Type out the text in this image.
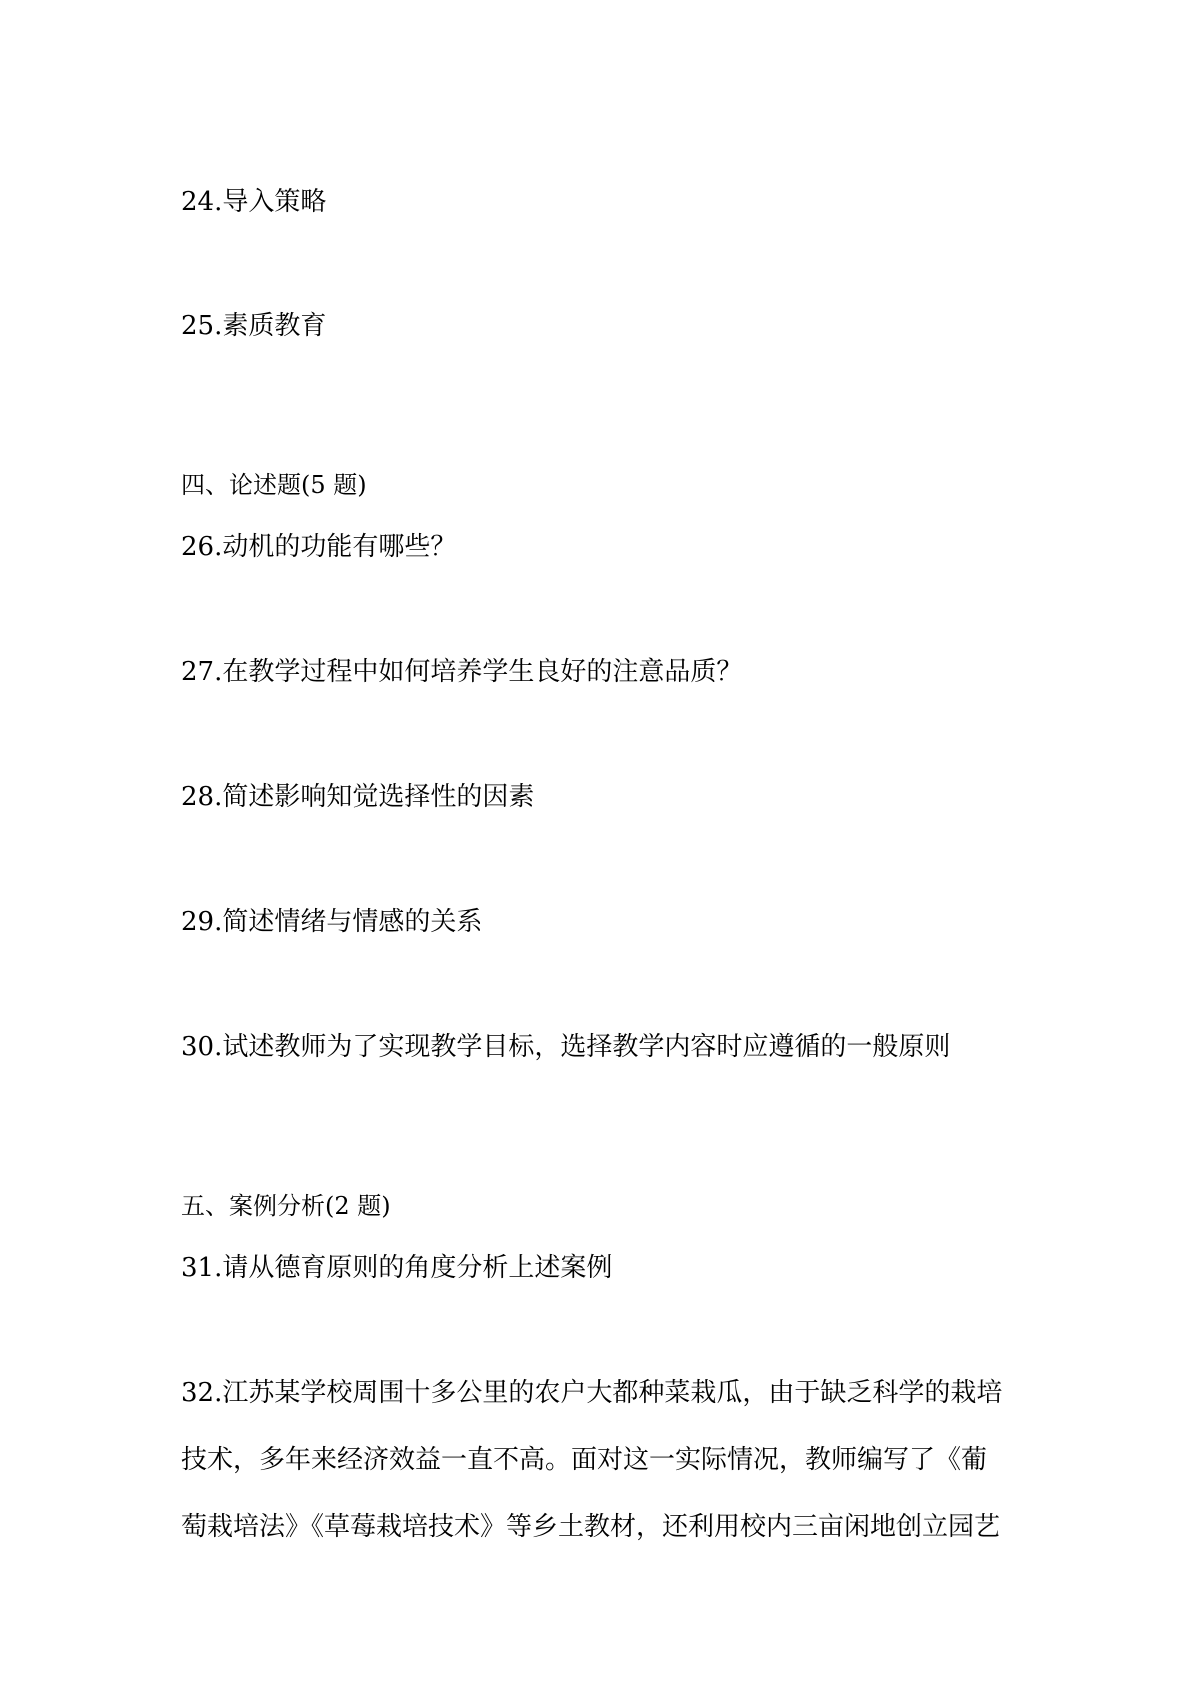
24.导入策略
25.素质教育
四、论述题(5 题)
26.动机的功能有哪些？
27.在教学过程中如何培养学生良好的注意品质？
28.简述影响知觉选择性的因素
29.简述情绪与情感的关系
30.试述教师为了实现教学目标，选择教学内容时应遵循的一般原则
五、案例分析(2 题)
31.请从德育原则的角度分析上述案例
32.江苏某学校周围十多公里的农户大都种菜栽瓜，由于缺乏科学的栽培
技术，多年来经济效益一直不高。面对这一实际情况，教师编写了《葡
萄栽培法》《草莓栽培技术》等乡土教材，还利用校内三亩闲地创立园艺
